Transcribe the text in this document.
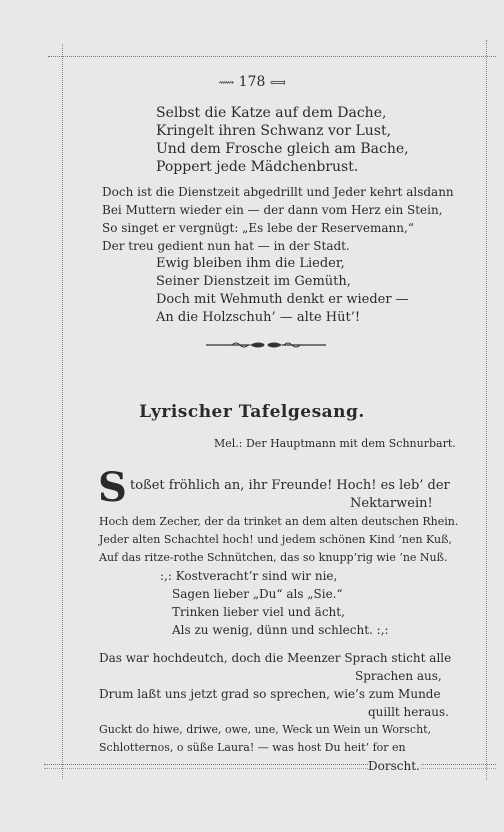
⟿ 178 ⟽
Selbst die Katze auf dem Dache,
Kringelt ihren Schwanz vor Lust,
Und dem Frosche gleich am Bache,
Poppert jede Mädchenbrust.
Doch ist die Dienstzeit abgedrillt und Jeder kehrt alsdann
Bei Muttern wieder ein — der dann vom Herz ein Stein,
So singet er vergnügt: „Es lebe der Reservemann,“
Der treu gedient nun hat — in der Stadt.
Ewig bleiben ihm die Lieder,
Seiner Dienstzeit im Gemüth,
Doch mit Wehmuth denkt er wieder —
An die Holzschuh’ — alte Hüt’!
Lyrischer Tafelgesang.
Mel.: Der Hauptmann mit dem Schnurbart.
S toßet fröhlich an, ihr Freunde! Hoch! es leb’ der
Nektarwein!
Hoch dem Zecher, der da trinket an dem alten deutschen Rhein.
Jeder alten Schachtel hoch! und jedem schönen Kind ’nen Kuß,
Auf das ritze-rothe Schnütchen, das so knupp’rig wie ’ne Nuß.
:,: Kostveracht’r sind wir nie,
Sagen lieber „Du“ als „Sie.“
Trinken lieber viel und ächt,
Als zu wenig, dünn und schlecht. :,:
Das war hochdeutch, doch die Meenzer Sprach sticht alle
Sprachen aus,
Drum laßt uns jetzt grad so sprechen, wie’s zum Munde
quillt heraus.
Guckt do hiwe, driwe, owe, une, Weck un Wein un Worscht,
Schlotternos, o süße Laura! — was host Du heit’ for en
Dorscht.
